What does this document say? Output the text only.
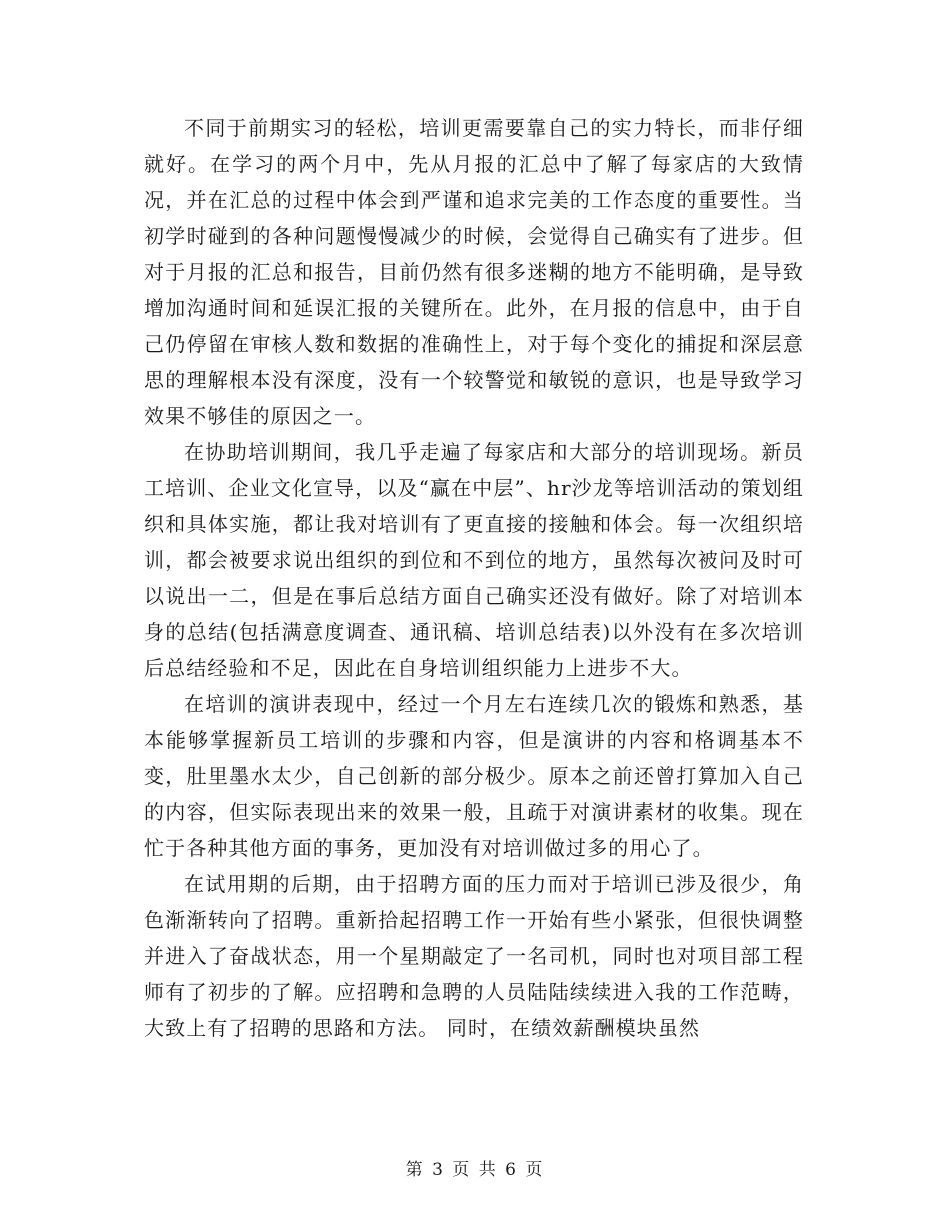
不同于前期实习的轻松，培训更需要靠自己的实力特长，而非仔细就好。在学习的两个月中，先从月报的汇总中了解了每家店的大致情况，并在汇总的过程中体会到严谨和追求完美的工作态度的重要性。当初学时碰到的各种问题慢慢减少的时候，会觉得自己确实有了进步。但对于月报的汇总和报告，目前仍然有很多迷糊的地方不能明确，是导致增加沟通时间和延误汇报的关键所在。此外，在月报的信息中，由于自己仍停留在审核人数和数据的准确性上，对于每个变化的捕捉和深层意思的理解根本没有深度，没有一个较警觉和敏锐的意识，也是导致学习效果不够佳的原因之一。

在协助培训期间，我几乎走遍了每家店和大部分的培训现场。新员工培训、企业文化宣导，以及“赢在中层”、hr沙龙等培训活动的策划组织和具体实施，都让我对培训有了更直接的接触和体会。每一次组织培训，都会被要求说出组织的到位和不到位的地方，虽然每次被问及时可以说出一二，但是在事后总结方面自己确实还没有做好。除了对培训本身的总结(包括满意度调查、通讯稿、培训总结表)以外没有在多次培训后总结经验和不足，因此在自身培训组织能力上进步不大。

在培训的演讲表现中，经过一个月左右连续几次的锻炼和熟悉，基本能够掌握新员工培训的步骤和内容，但是演讲的内容和格调基本不变，肚里墨水太少，自己创新的部分极少。原本之前还曾打算加入自己的内容，但实际表现出来的效果一般，且疏于对演讲素材的收集。现在忙于各种其他方面的事务，更加没有对培训做过多的用心了。

在试用期的后期，由于招聘方面的压力而对于培训已涉及很少，角色渐渐转向了招聘。重新拾起招聘工作一开始有些小紧张，但很快调整并进入了奋战状态，用一个星期敲定了一名司机，同时也对项目部工程师有了初步的了解。应招聘和急聘的人员陆陆续续进入我的工作范畴，大致上有了招聘的思路和方法。 同时，在绩效薪酬模块虽然

第 3 页 共 6 页
